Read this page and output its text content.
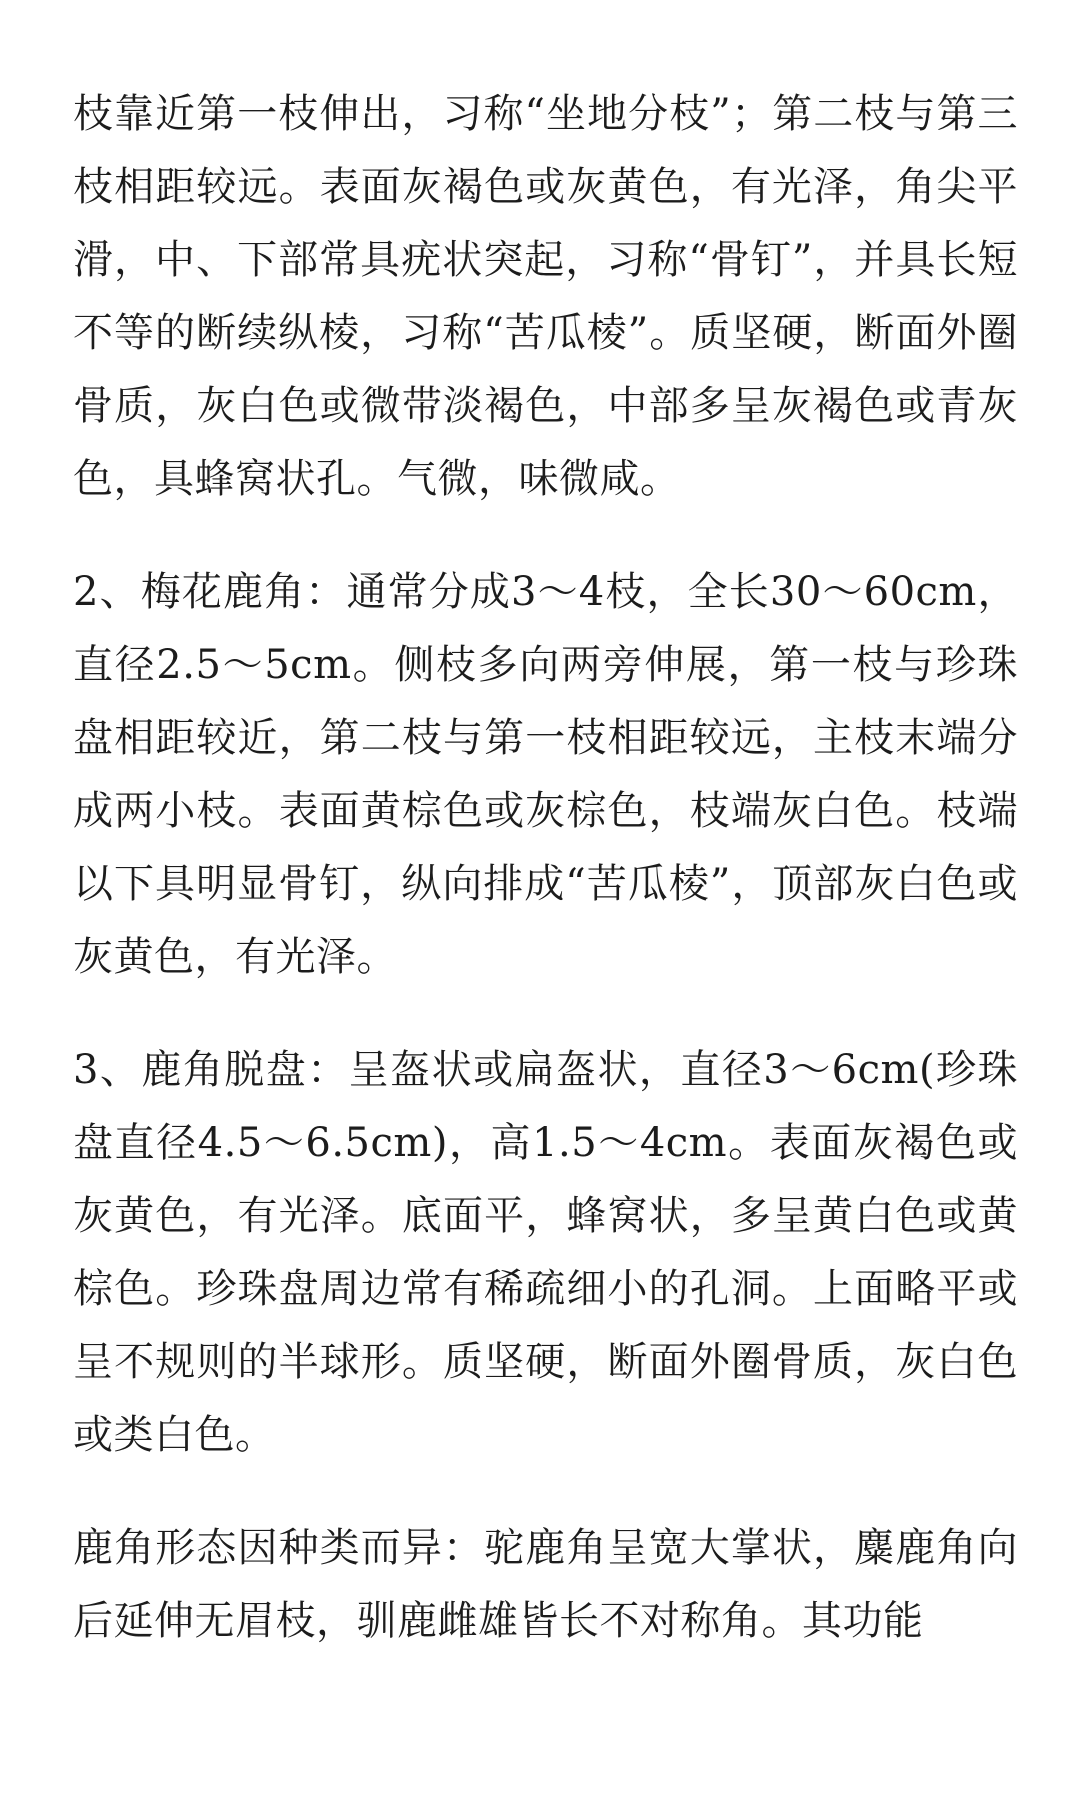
枝靠近第一枝伸出，习称“坐地分枝”；第二枝与第三枝相距较远。表面灰褐色或灰黄色，有光泽，角尖平滑，中、下部常具疣状突起，习称“骨钉”，并具长短不等的断续纵棱，习称“苦瓜棱”。质坚硬，断面外圈骨质，灰白色或微带淡褐色，中部多呈灰褐色或青灰色，具蜂窝状孔。气微，味微咸。

2、梅花鹿角：通常分成3～4枝，全长30～60cm，直径2.5～5cm。侧枝多向两旁伸展，第一枝与珍珠盘相距较近，第二枝与第一枝相距较远，主枝末端分成两小枝。表面黄棕色或灰棕色，枝端灰白色。枝端以下具明显骨钉，纵向排成“苦瓜棱”，顶部灰白色或灰黄色，有光泽。

3、鹿角脱盘：呈盔状或扁盔状，直径3～6cm(珍珠盘直径4.5～6.5cm)，高1.5～4cm。表面灰褐色或灰黄色，有光泽。底面平，蜂窝状，多呈黄白色或黄棕色。珍珠盘周边常有稀疏细小的孔洞。上面略平或呈不规则的半球形。质坚硬，断面外圈骨质，灰白色或类白色。

鹿角形态因种类而异：驼鹿角呈宽大掌状，麋鹿角向后延伸无眉枝，驯鹿雌雄皆长不对称角。其功能
